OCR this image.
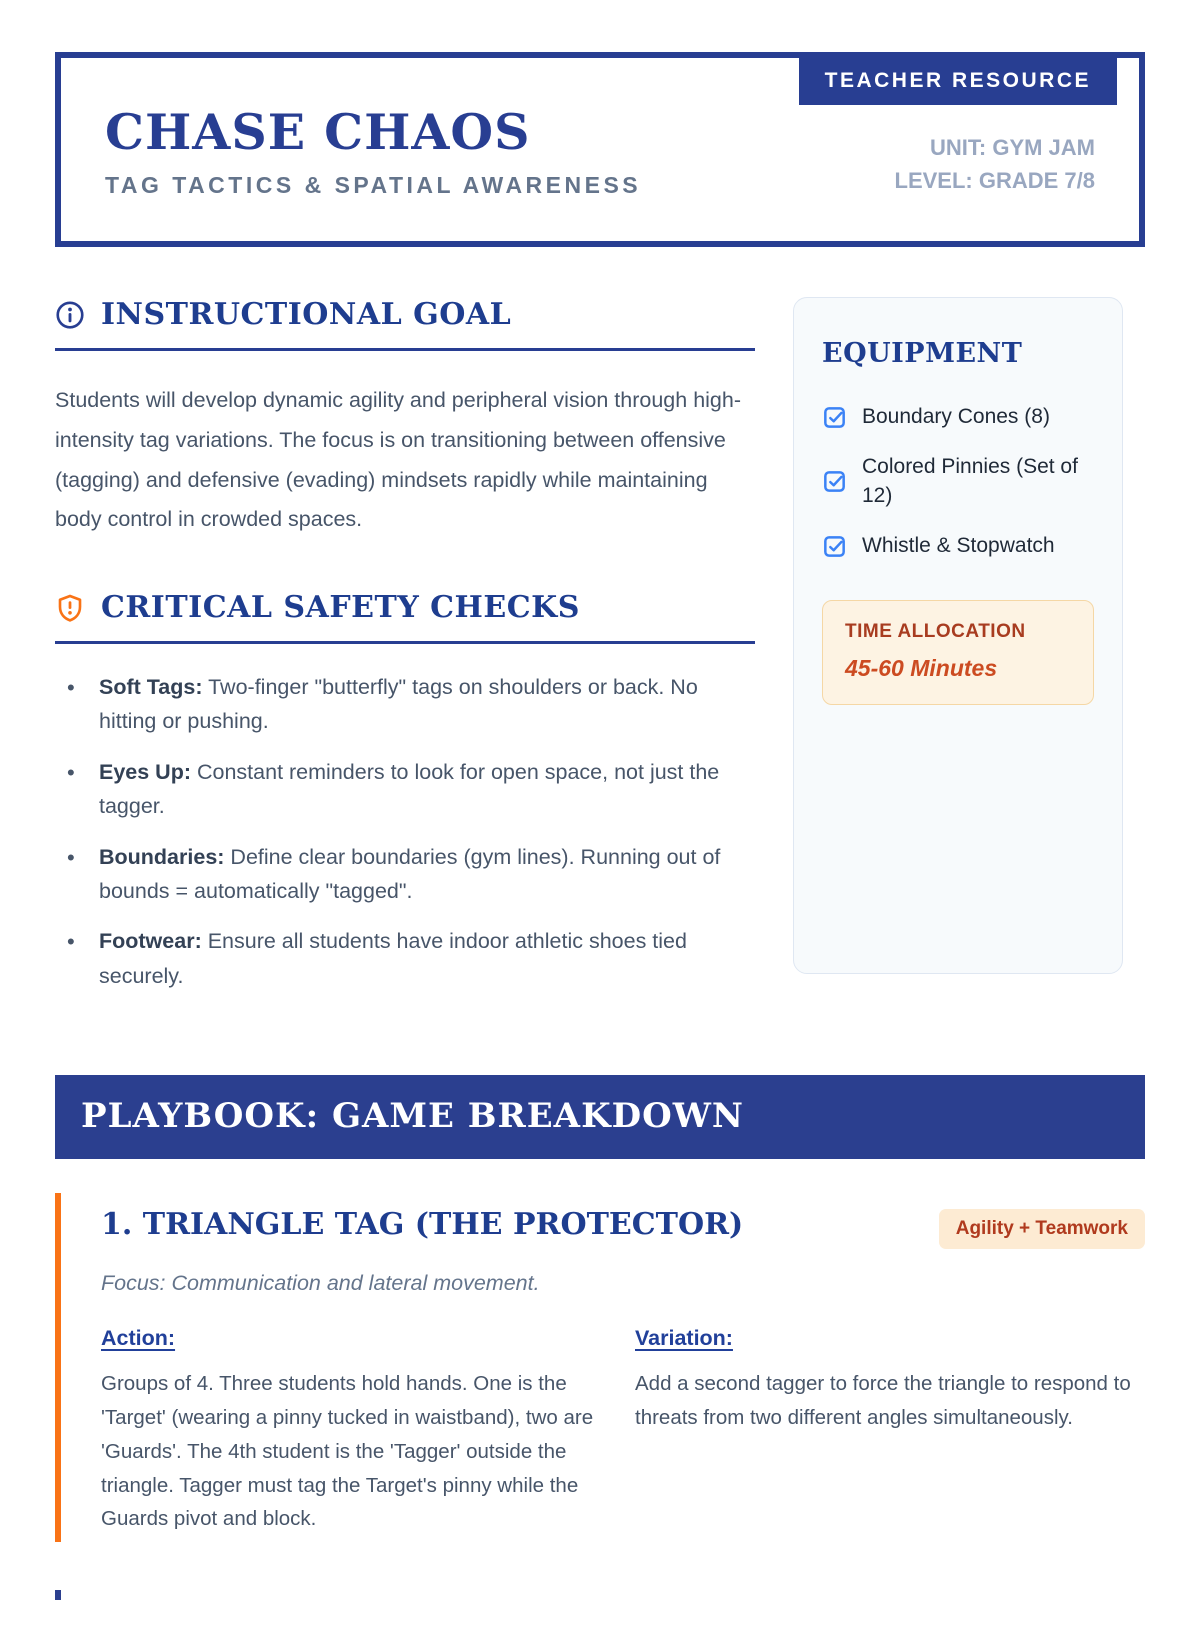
TEACHER RESOURCE
CHASE CHAOS
TAG TACTICS & SPATIAL AWARENESS
UNIT: GYM JAM
LEVEL: GRADE 7/8
INSTRUCTIONAL GOAL

Students will develop dynamic agility and peripheral vision through high-intensity tag variations. The focus is on transitioning between offensive (tagging) and defensive (evading) mindsets rapidly while maintaining body control in crowded spaces.

CRITICAL SAFETY CHECKS
• Soft Tags: Two-finger "butterfly" tags on shoulders or back. No hitting or pushing.
• Eyes Up: Constant reminders to look for open space, not just the tagger.
• Boundaries: Define clear boundaries (gym lines). Running out of bounds = automatically "tagged".
• Footwear: Ensure all students have indoor athletic shoes tied securely.
EQUIPMENT
Boundary Cones (8)
Colored Pinnies (Set of 12)
Whistle & Stopwatch
TIME ALLOCATION
45-60 Minutes
PLAYBOOK: GAME BREAKDOWN
1. TRIANGLE TAG (THE PROTECTOR)	Agility + Teamwork

Focus: Communication and lateral movement.

Action:

Groups of 4. Three students hold hands. One is the 'Target' (wearing a pinny tucked in waistband), two are 'Guards'. The 4th student is the 'Tagger' outside the triangle. Tagger must tag the Target's pinny while the Guards pivot and block.

Variation:

Add a second tagger to force the triangle to respond to threats from two different angles simultaneously.
